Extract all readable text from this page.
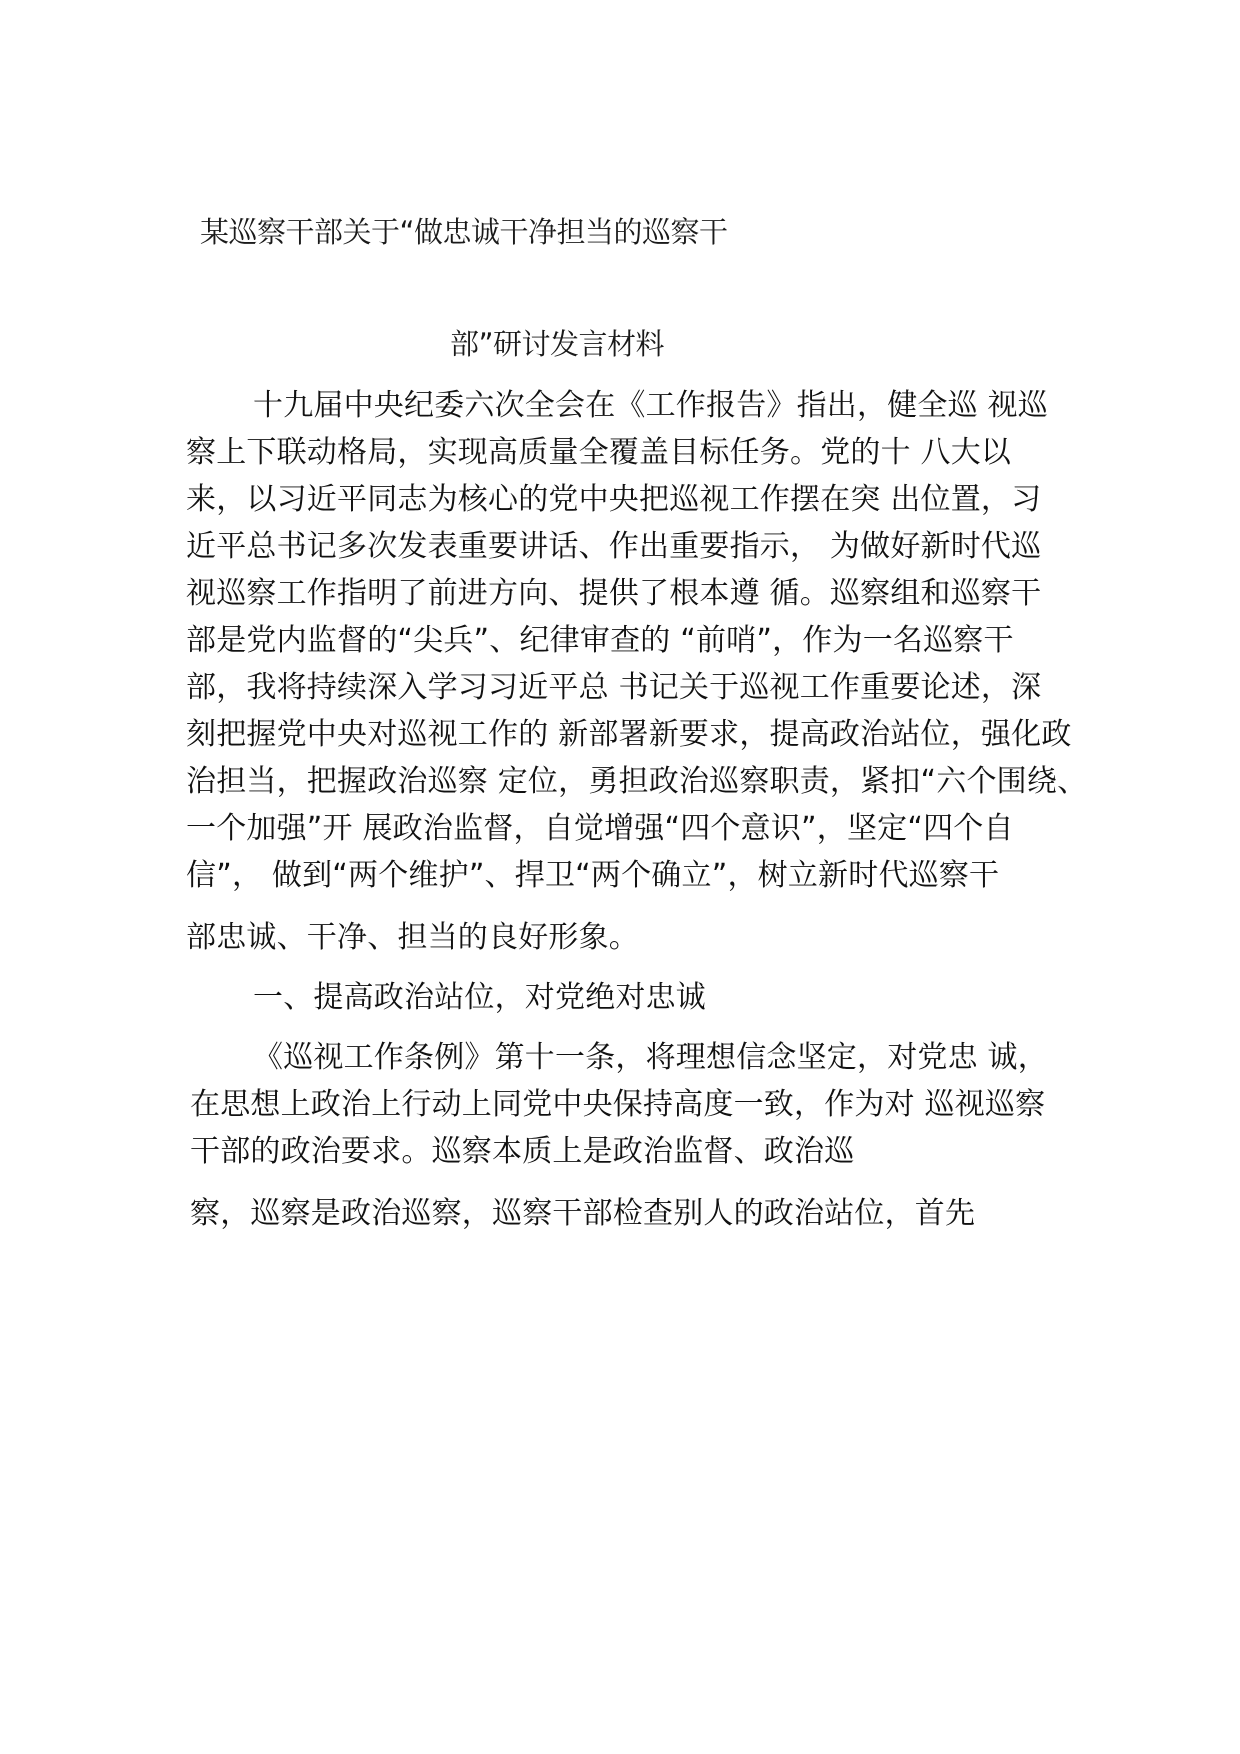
某巡察干部关于“做忠诚干净担当的巡察干
部”研讨发言材料
十九届中央纪委六次全会在《工作报告》指出，健全巡 视巡
察上下联动格局，实现高质量全覆盖目标任务。党的十 八大以
来，以习近平同志为核心的党中央把巡视工作摆在突 出位置，习
近平总书记多次发表重要讲话、作出重要指示， 为做好新时代巡
视巡察工作指明了前进方向、提供了根本遵 循。巡察组和巡察干
部是党内监督的“尖兵”、纪律审查的 “前哨”，作为一名巡察干
部，我将持续深入学习习近平总 书记关于巡视工作重要论述，深
刻把握党中央对巡视工作的 新部署新要求，提高政治站位，强化政
治担当，把握政治巡察 定位，勇担政治巡察职责，紧扣“六个围绕、
一个加强”开 展政治监督，自觉增强“四个意识”，坚定“四个自
信”， 做到“两个维护”、捍卫“两个确立”，树立新时代巡察干
部忠诚、干净、担当的良好形象。
一、提高政治站位，对党绝对忠诚
《巡视工作条例》第十一条，将理想信念坚定，对党忠 诚，
在思想上政治上行动上同党中央保持高度一致，作为对 巡视巡察
干部的政治要求。巡察本质上是政治监督、政治巡
察，巡察是政治巡察，巡察干部检查别人的政治站位，首先
